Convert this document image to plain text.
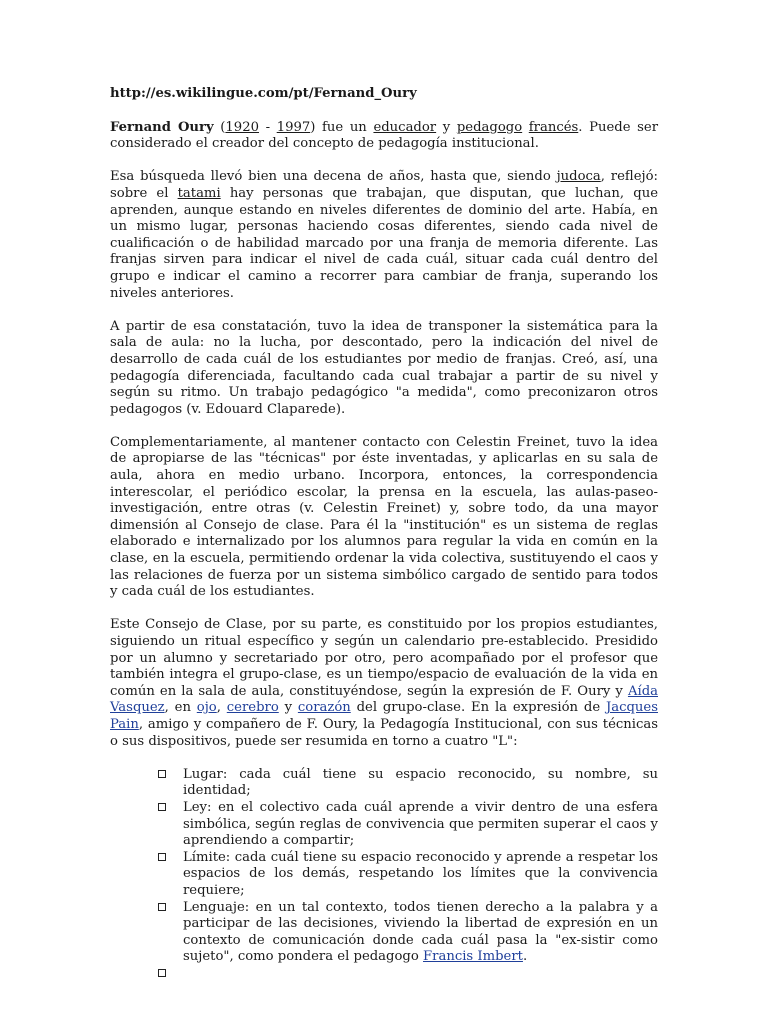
http://es.wikilingue.com/pt/Fernand_Oury

Fernand Oury (1920 - 1997) fue un educador y pedagogo francés. Puede ser considerado el creador del concepto de pedagogía institucional.

Esa búsqueda llevó bien una decena de años, hasta que, siendo judoca, reflejó: sobre el tatami hay personas que trabajan, que disputan, que luchan, que aprenden, aunque estando en niveles diferentes de dominio del arte. Había, en un mismo lugar, personas haciendo cosas diferentes, siendo cada nivel de cualificación o de habilidad marcado por una franja de memoria diferente. Las franjas sirven para indicar el nivel de cada cuál, situar cada cuál dentro del grupo e indicar el camino a recorrer para cambiar de franja, superando los niveles anteriores.

A partir de esa constatación, tuvo la idea de transponer la sistemática para la sala de aula: no la lucha, por descontado, pero la indicación del nivel de desarrollo de cada cuál de los estudiantes por medio de franjas. Creó, así, una pedagogía diferenciada, facultando cada cual trabajar a partir de su nivel y según su ritmo. Un trabajo pedagógico "a medida", como preconizaron otros pedagogos (v. Edouard Claparede).

Complementariamente, al mantener contacto con Celestin Freinet, tuvo la idea de apropiarse de las "técnicas" por éste inventadas, y aplicarlas en su sala de aula, ahora en medio urbano. Incorpora, entonces, la correspondencia interescolar, el periódico escolar, la prensa en la escuela, las aulas-paseo-investigación, entre otras (v. Celestin Freinet) y, sobre todo, da una mayor dimensión al Consejo de clase. Para él la "institución" es un sistema de reglas elaborado e internalizado por los alumnos para regular la vida en común en la clase, en la escuela, permitiendo ordenar la vida colectiva, sustituyendo el caos y las relaciones de fuerza por un sistema simbólico cargado de sentido para todos y cada cuál de los estudiantes.

Este Consejo de Clase, por su parte, es constituido por los propios estudiantes, siguiendo un ritual específico y según un calendario pre-establecido. Presidido por un alumno y secretariado por otro, pero acompañado por el profesor que también integra el grupo-clase, es un tiempo/espacio de evaluación de la vida en común en la sala de aula, constituyéndose, según la expresión de F. Oury y Aída Vasquez, en ojo, cerebro y corazón del grupo-clase. En la expresión de Jacques Pain, amigo y compañero de F. Oury, la Pedagogía Institucional, con sus técnicas o sus dispositivos, puede ser resumida en torno a cuatro "L":

Lugar: cada cuál tiene su espacio reconocido, su nombre, su identidad;
Ley: en el colectivo cada cuál aprende a vivir dentro de una esfera simbólica, según reglas de convivencia que permiten superar el caos y aprendiendo a compartir;
Límite: cada cuál tiene su espacio reconocido y aprende a respetar los espacios de los demás, respetando los límites que la convivencia requiere;
Lenguaje: en un tal contexto, todos tienen derecho a la palabra y a participar de las decisiones, viviendo la libertad de expresión en un contexto de comunicación donde cada cuál pasa la "ex-sistir como sujeto", como pondera el pedagogo Francis Imbert.
